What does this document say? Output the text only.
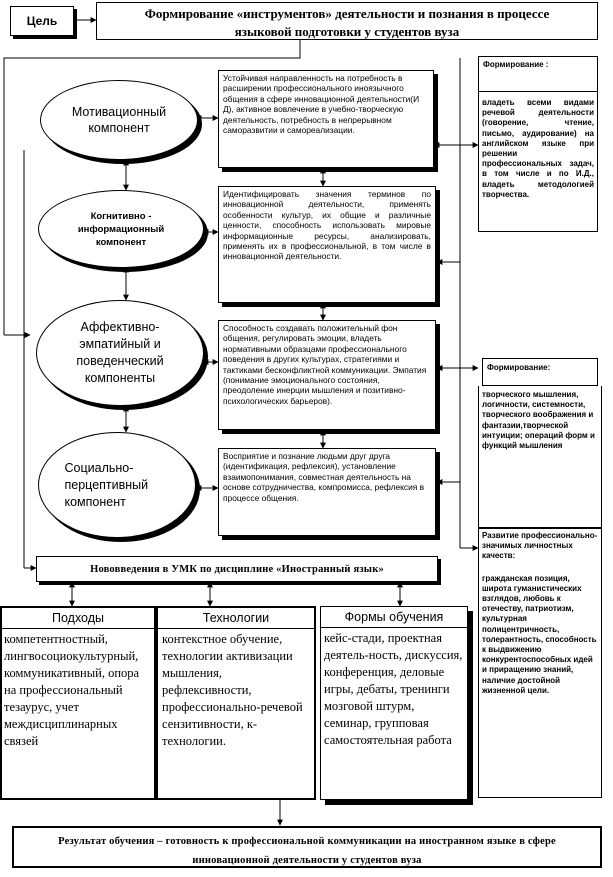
Цель	Формирование «инструментов» деятельности и познания в процессе языковой подготовки у студентов вуза
Мотивационный компонент
Когнитивно - информационный компонент
Аффективно-эмпатийный и поведенческий компоненты
Социально-перцептивный компонент
Устойчивая направленность на потребность в расширении профессионального иноязычного общения в сфере инновационной деятельности(И Д), активное вовлечение в учебно-творческую деятельность, потребность в непрерывном саморазвитии и самореализации.
Идентифицировать значения терминов по инновационной деятельности, применять особенности культур, их общие и различные ценности, способность использовать мировые информационные ресурсы, анализировать, применять их в профессиональной, в том числе в инновационной деятельности.
Способность создавать положительный фон общения, регулировать эмоции, владеть нормативными образцами профессионального поведения в других культурах, стратегиями и тактиками бесконфликтной коммуникации. Эмпатия (понимание эмоционального состояния, преодоление инерции мышления и позитивно-психологических барьеров).
Восприятие и познание людьми друг друга (идентификация, рефлексия), установление взаимопонимания, совместная деятельность на основе сотрудничества, компромисса, рефлексия в процессе общения.
Формирование :
владеть всеми видами речевой деятельности (говорение, чтение, письмо, аудирование) на английском языке при решении профессиональных задач, в том числе и по И.Д., владеть методологией творчества.
Формирование:
творческого мышления, логичности, системности, творческого воображения и фантазии,творческой интуиции; операций форм и функций мышления
Развитие профессионально-значимых личностных качеств:
гражданская позиция, широта гуманистических взглядов, любовь к отечеству, патриотизм, культурная полицентричность, толерантность, способность к выдвижению конкурентоспособных идей и приращению знаний, наличие достойной жизненной цели.
Нововведения в УМК по дисциплине «Иностранный язык»
Подходы
компетентностный, лингвосоциокультурный, коммуникативный, опора на профессиональный тезаурус, учет междисциплинарных связей
Технологии
контекстное обучение, технологии активизации мышления, рефлексивности, профессионально-речевой сензитивности, к-технологии.
Формы обучения
кейс-стади, проектная деятель-ность, дискуссия, конференция, деловые игры, дебаты, тренинги мозговой штурм, семинар, групповая самостоятельная работа
Результат обучения – готовность к профессиональной коммуникации на иностранном языке в сфере инновационной деятельности у студентов вуза
